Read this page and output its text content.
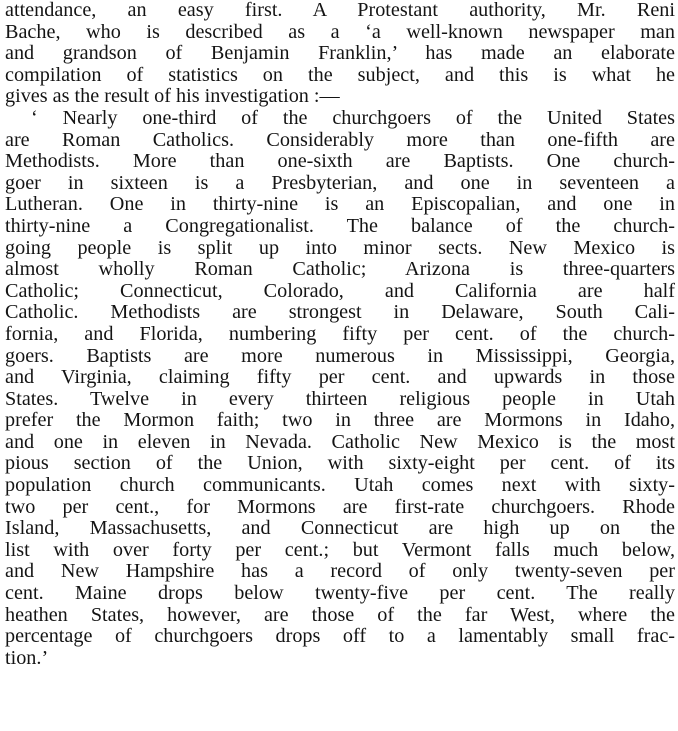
attendance, an easy first. A Protestant authority, Mr. Reni
Bache, who is described as a ‘a well-known newspaper man
and grandson of Benjamin Franklin,’ has made an elaborate
compilation of statistics on the subject, and this is what he
gives as the result of his investigation :—
‘ Nearly one-third of the churchgoers of the United States
are Roman Catholics. Considerably more than one-fifth are
Methodists. More than one-sixth are Baptists. One church-
goer in sixteen is a Presbyterian, and one in seventeen a
Lutheran. One in thirty-nine is an Episcopalian, and one in
thirty-nine a Congregationalist. The balance of the church-
going people is split up into minor sects. New Mexico is
almost wholly Roman Catholic; Arizona is three-quarters
Catholic; Connecticut, Colorado, and California are half
Catholic. Methodists are strongest in Delaware, South Cali-
fornia, and Florida, numbering fifty per cent. of the church-
goers. Baptists are more numerous in Mississippi, Georgia,
and Virginia, claiming fifty per cent. and upwards in those
States. Twelve in every thirteen religious people in Utah
prefer the Mormon faith; two in three are Mormons in Idaho,
and one in eleven in Nevada. Catholic New Mexico is the most
pious section of the Union, with sixty-eight per cent. of its
population church communicants. Utah comes next with sixty-
two per cent., for Mormons are first-rate churchgoers. Rhode
Island, Massachusetts, and Connecticut are high up on the
list with over forty per cent.; but Vermont falls much below,
and New Hampshire has a record of only twenty-seven per
cent. Maine drops below twenty-five per cent. The really
heathen States, however, are those of the far West, where the
percentage of churchgoers drops off to a lamentably small frac-
tion.’
